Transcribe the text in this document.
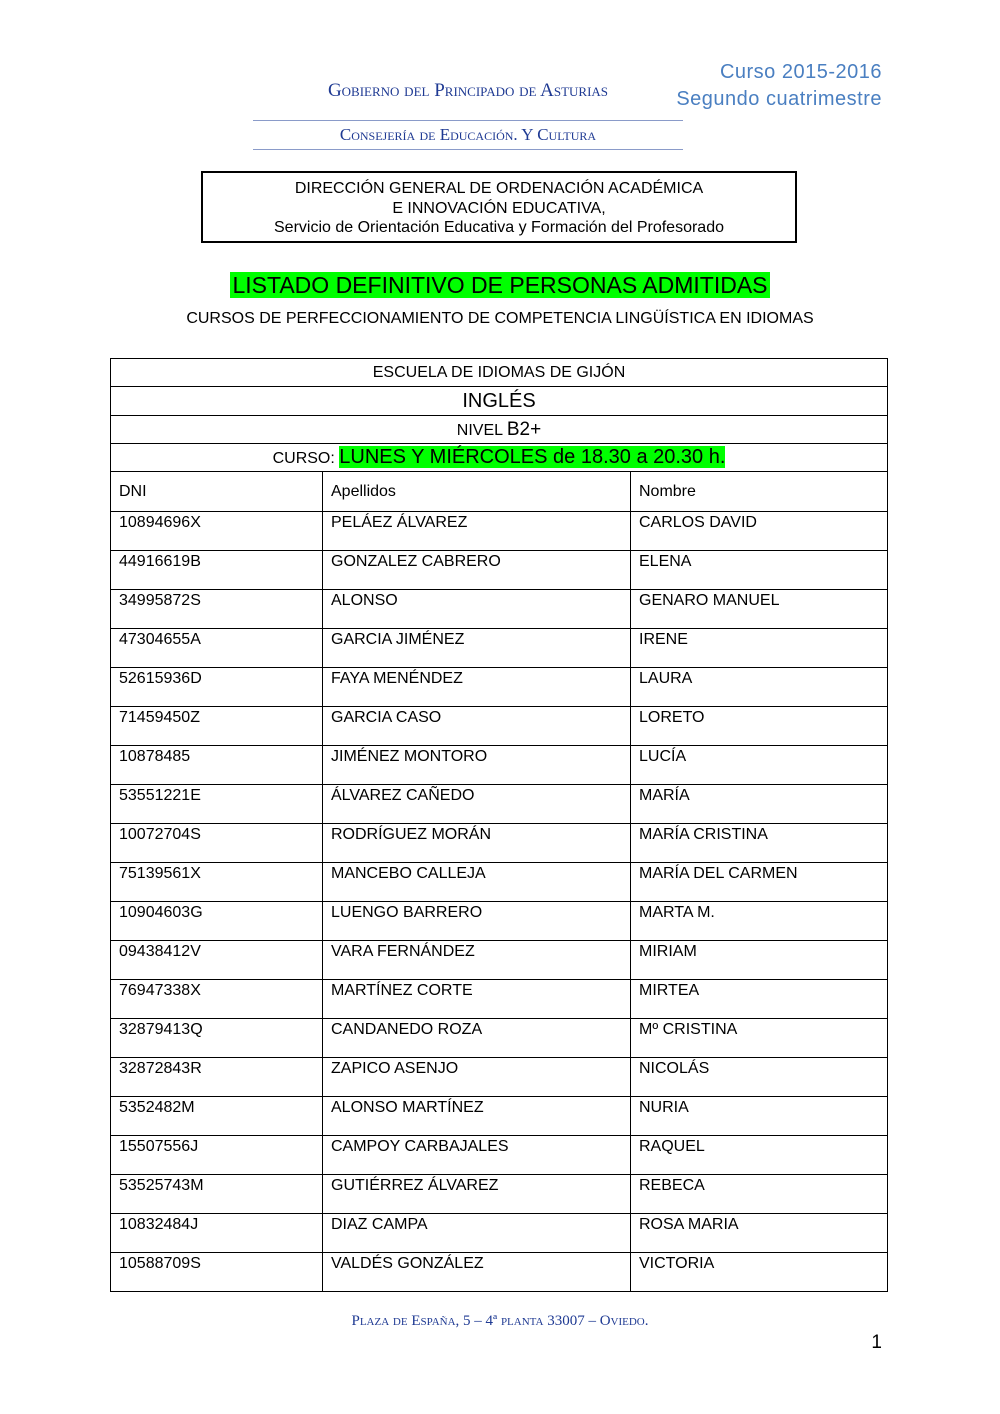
Gobierno del Principado de Asturias
Consejería de Educación. Y Cultura
Curso 2015-2016
Segundo cuatrimestre
DIRECCIÓN GENERAL DE ORDENACIÓN ACADÉMICA
E INNOVACIÓN EDUCATIVA,
Servicio de Orientación Educativa y Formación del Profesorado
LISTADO DEFINITIVO DE PERSONAS ADMITIDAS
CURSOS DE PERFECCIONAMIENTO DE COMPETENCIA LINGÜÍSTICA EN IDIOMAS
ESCUELA DE IDIOMAS DE GIJÓN		
INGLÉS		
NIVEL B2+		
CURSO: LUNES Y MIÉRCOLES de 18.30 a 20.30 h.		
DNI	Apellidos	Nombre
10894696X	PELÁEZ ÁLVAREZ	CARLOS DAVID
44916619B	GONZALEZ CABRERO	ELENA
34995872S	ALONSO	GENARO MANUEL
47304655A	GARCIA JIMÉNEZ	IRENE
52615936D	FAYA MENÉNDEZ	LAURA
71459450Z	GARCIA CASO	LORETO
10878485	JIMÉNEZ MONTORO	LUCÍA
53551221E	ÁLVAREZ CAÑEDO	MARÍA
10072704S	RODRÍGUEZ MORÁN	MARÍA CRISTINA
75139561X	MANCEBO CALLEJA	MARÍA DEL CARMEN
10904603G	LUENGO BARRERO	MARTA M.
09438412V	VARA FERNÁNDEZ	MIRIAM
76947338X	MARTÍNEZ CORTE	MIRTEA
32879413Q	CANDANEDO ROZA	Mº CRISTINA
32872843R	ZAPICO ASENJO	NICOLÁS
5352482M	ALONSO MARTÍNEZ	NURIA
15507556J	CAMPOY CARBAJALES	RAQUEL
53525743M	GUTIÉRREZ ÁLVAREZ	REBECA
10832484J	DIAZ CAMPA	ROSA MARIA
10588709S	VALDÉS GONZÁLEZ	VICTORIA
Plaza de España, 5 – 4ª planta 33007 – Oviedo.
1
